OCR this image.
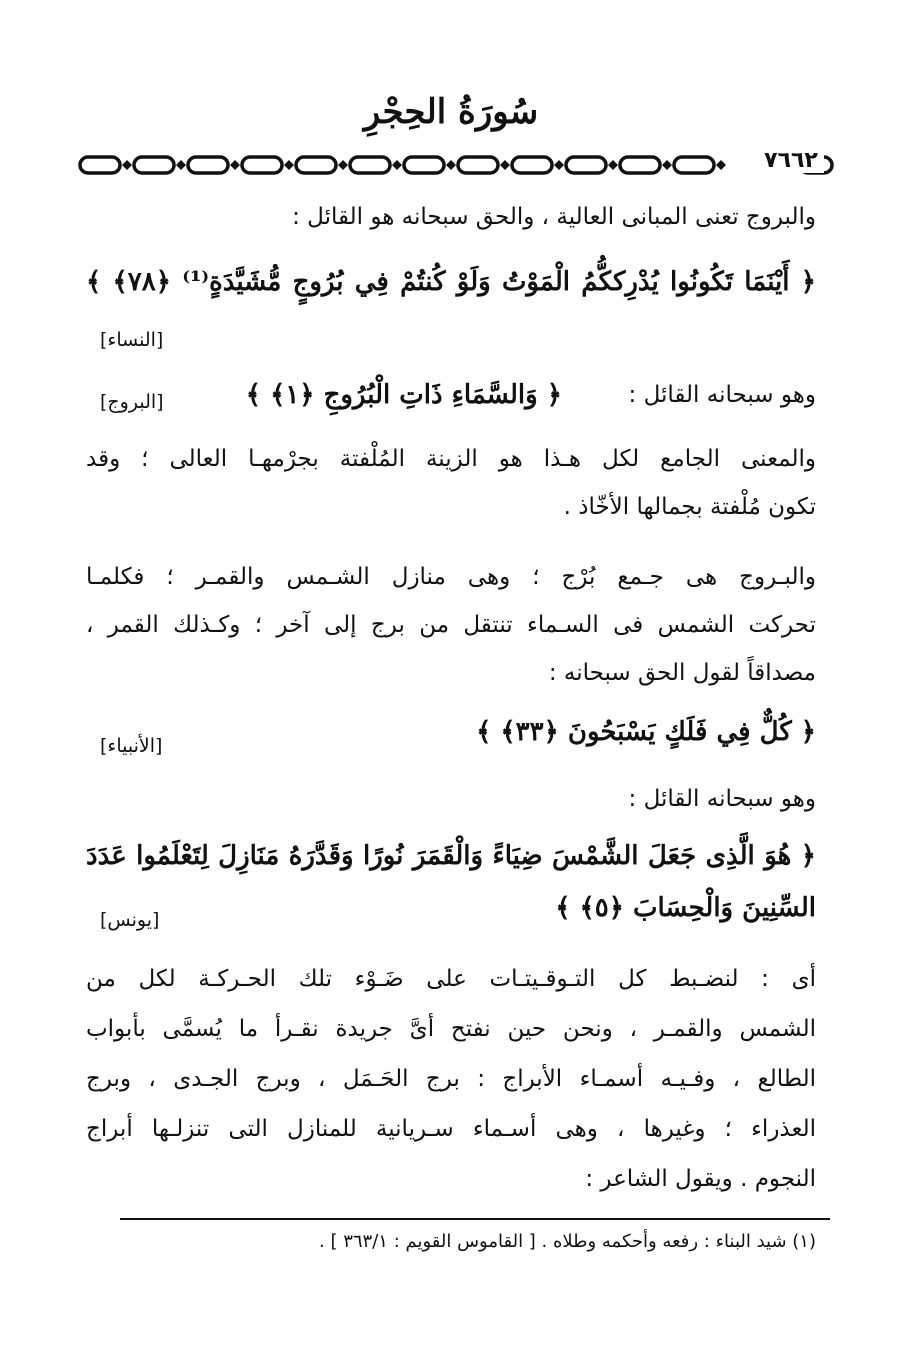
سُورَةُ الحِجْرِ
٧٦٦٢
والبروج تعنى المبانى العالية ، والحق سبحانه هو القائل :
﴿ أَيْنَمَا تَكُونُوا يُدْرِككُّمُ الْمَوْتُ وَلَوْ كُنتُمْ فِي بُرُوجٍ مُّشَيَّدَةٍ⁽¹⁾ ﴿٧٨﴾ ﴾
[النساء]
وهو سبحانه القائل :
﴿ وَالسَّمَاءِ ذَاتِ الْبُرُوجِ ﴿١﴾ ﴾
[البروج]
والمعنى الجامع لكل هـذا هو الزينة المُلْفتة بجرْمهـا العالى ؛ وقد
تكون مُلْفتة بجمالها الأخّاذ .
والبـروج هى جـمع بُرْج ؛ وهى منازل الشـمس والقمـر ؛ فكلمـا
تحركت الشمس فى السـماء تنتقل من برج إلى آخر ؛ وكـذلك القمر ،
مصداقاً لقول الحق سبحانه :
﴿ كُلٌّ فِي فَلَكٍ يَسْبَحُونَ ﴿٣٣﴾ ﴾
[الأنبياء]
وهو سبحانه القائل :
﴿ هُوَ الَّذِى جَعَلَ الشَّمْسَ ضِيَاءً وَالْقَمَرَ نُورًا وَقَدَّرَهُ مَنَازِلَ لِتَعْلَمُوا عَدَدَ
السِّنِينَ وَالْحِسَابَ ﴿٥﴾ ﴾
[يونس]
أى : لنضـبط كل التـوقـيتـات على ضَـوْء تلك الحـركـة لكل من
الشمس والقمـر ، ونحن حين نفتح أىَّ جريدة نقـرأ ما يُسمَّى بأبواب
الطالع ، وفـيـه أسمـاء الأبراج : برج الحَـمَل ، وبرج الجـدى ، وبرج
العذراء ؛ وغيرها ، وهى أسـماء سـريانية للمنازل التى تنزلـها أبراج
النجوم . ويقول الشاعر :
(١) شيد البناء : رفعه وأحكمه وطلاه . [ القاموس القويم : ٣٦٣/١ ] .
